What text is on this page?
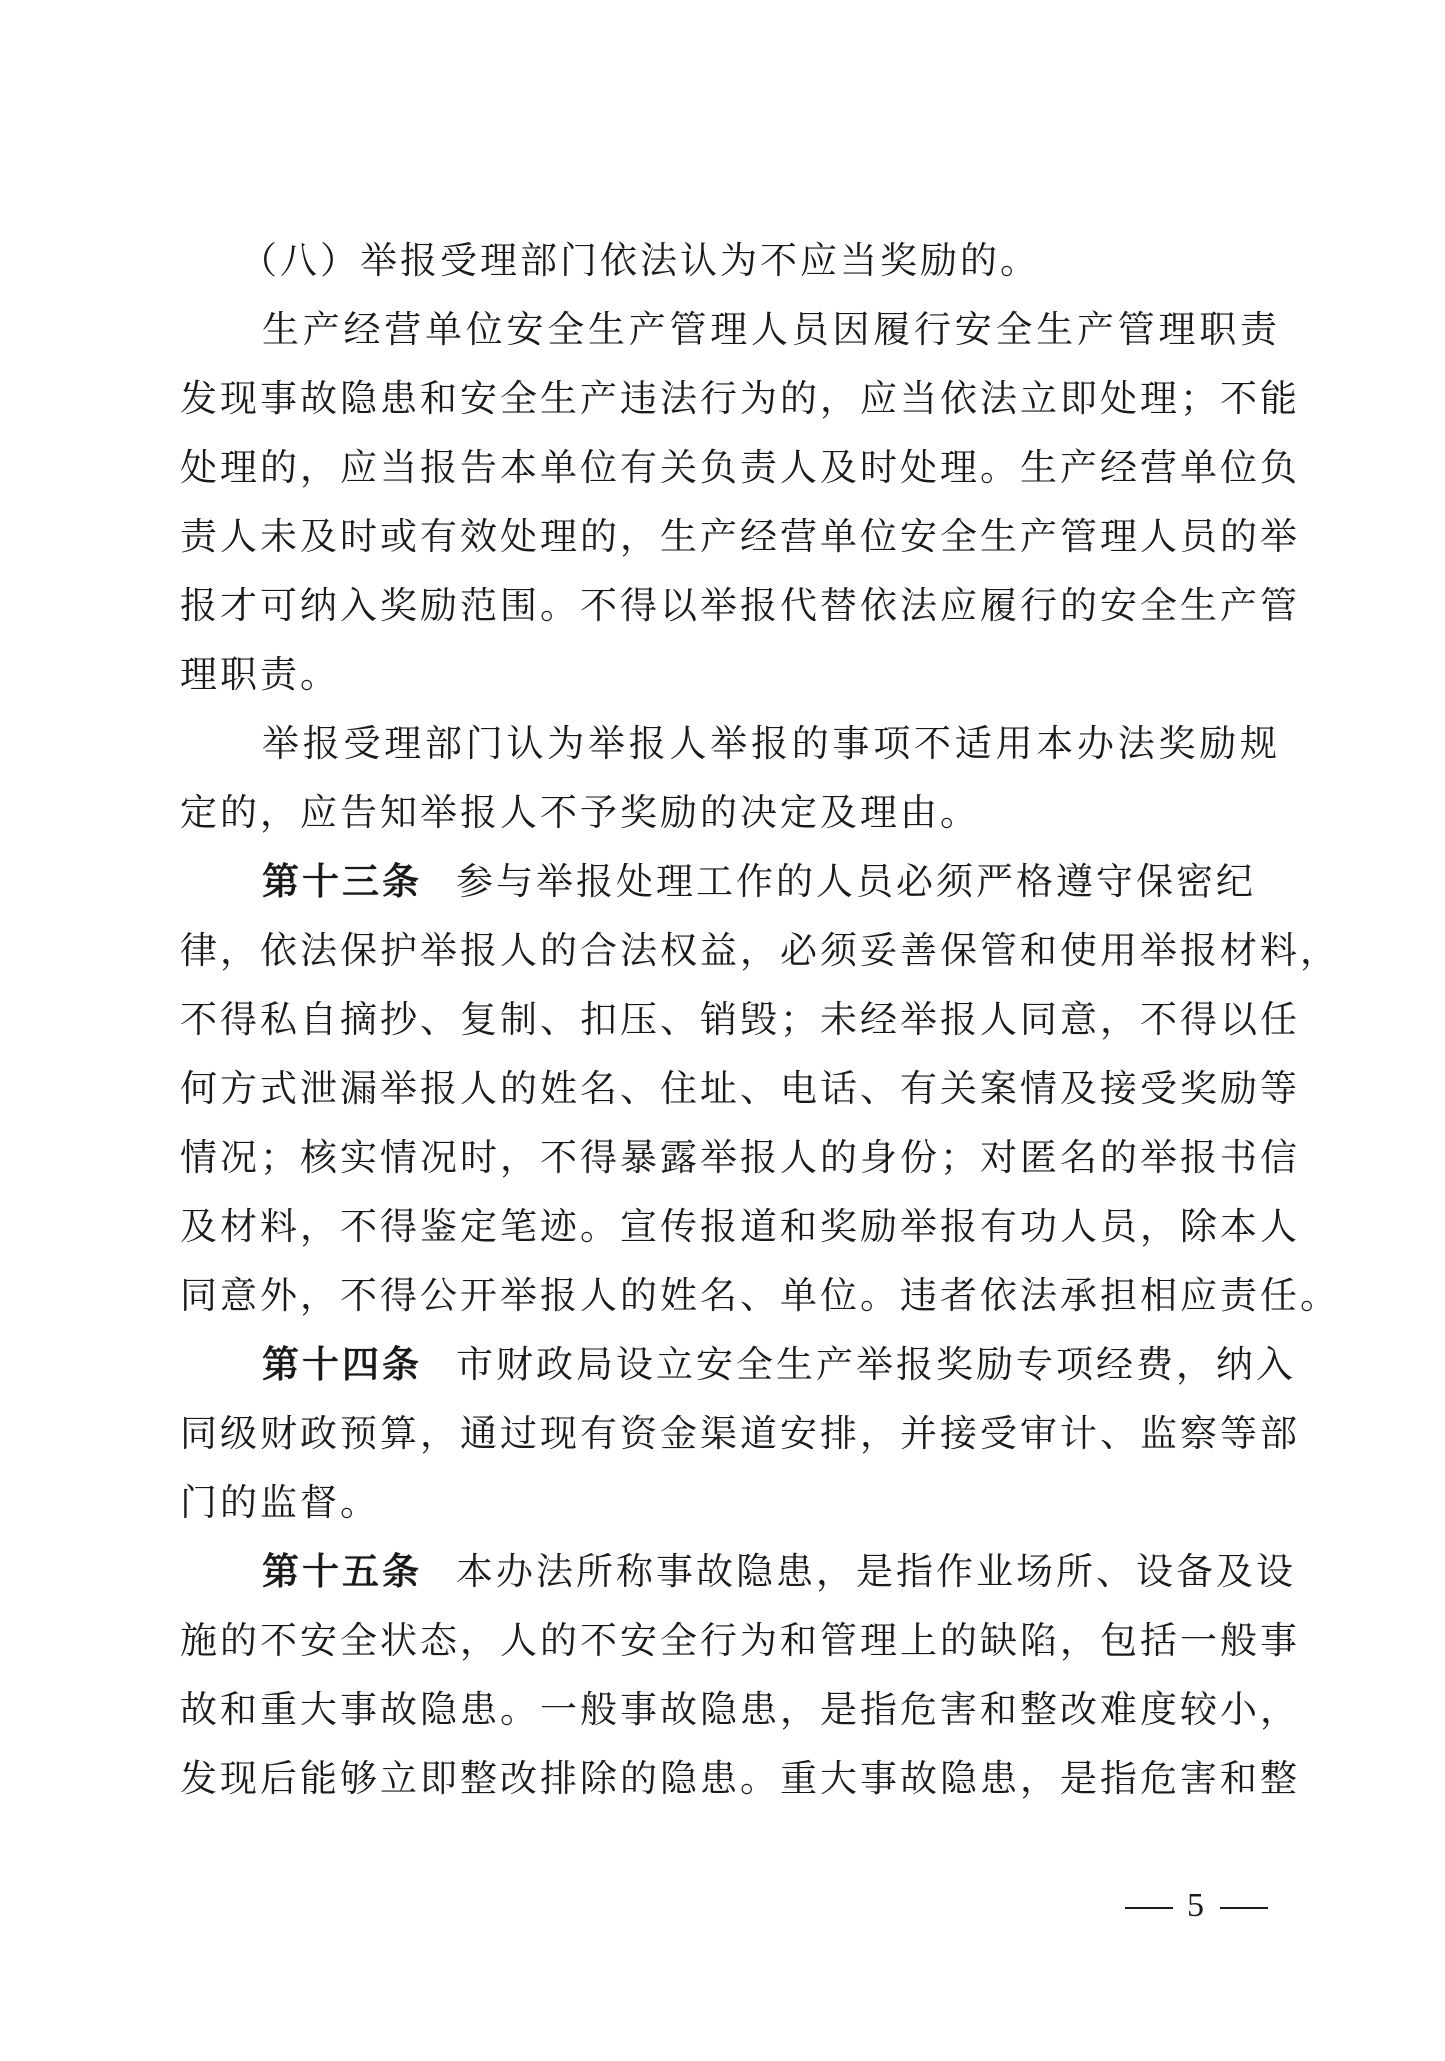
（八）举报受理部门依法认为不应当奖励的。
生产经营单位安全生产管理人员因履行安全生产管理职责
发现事故隐患和安全生产违法行为的，应当依法立即处理；不能
处理的，应当报告本单位有关负责人及时处理。生产经营单位负
责人未及时或有效处理的，生产经营单位安全生产管理人员的举
报才可纳入奖励范围。不得以举报代替依法应履行的安全生产管
理职责。
举报受理部门认为举报人举报的事项不适用本办法奖励规
定的，应告知举报人不予奖励的决定及理由。
第十三条 参与举报处理工作的人员必须严格遵守保密纪
律，依法保护举报人的合法权益，必须妥善保管和使用举报材料，
不得私自摘抄、复制、扣压、销毁；未经举报人同意，不得以任
何方式泄漏举报人的姓名、住址、电话、有关案情及接受奖励等
情况；核实情况时，不得暴露举报人的身份；对匿名的举报书信
及材料，不得鉴定笔迹。宣传报道和奖励举报有功人员，除本人
同意外，不得公开举报人的姓名、单位。违者依法承担相应责任。
第十四条 市财政局设立安全生产举报奖励专项经费，纳入
同级财政预算，通过现有资金渠道安排，并接受审计、监察等部
门的监督。
第十五条 本办法所称事故隐患，是指作业场所、设备及设
施的不安全状态，人的不安全行为和管理上的缺陷，包括一般事
故和重大事故隐患。一般事故隐患，是指危害和整改难度较小，
发现后能够立即整改排除的隐患。重大事故隐患，是指危害和整
5
